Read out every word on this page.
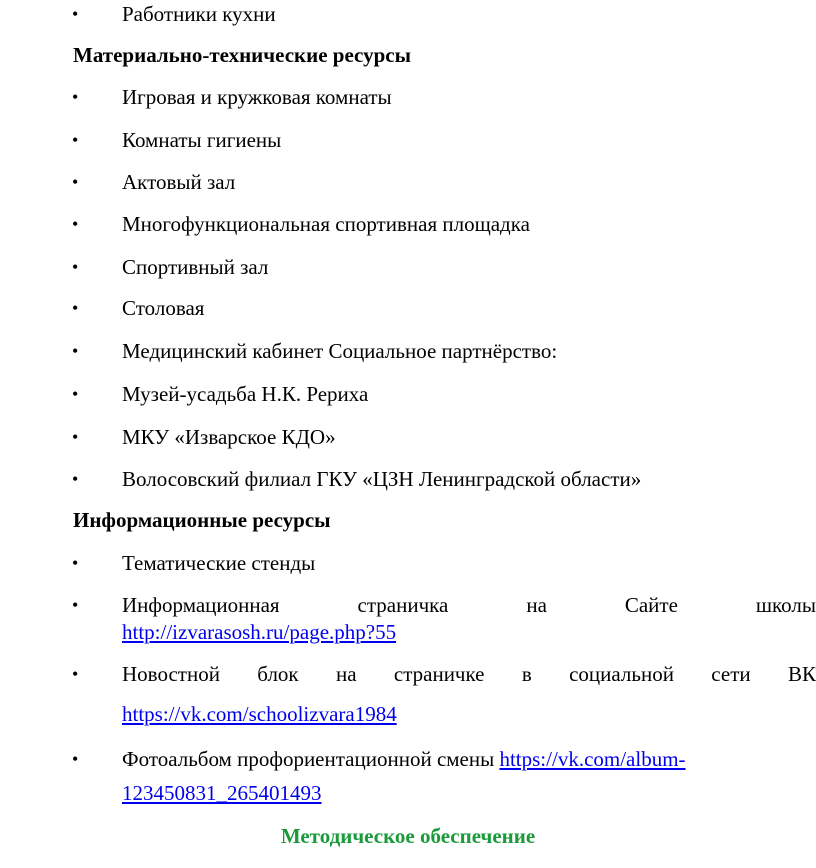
• Работники кухни
Материально-технические ресурсы
• Игровая и кружковая комнаты
• Комнаты гигиены
• Актовый зал
• Многофункциональная спортивная площадка
• Спортивный зал
• Столовая
• Медицинский кабинет Социальное партнёрство:
• Музей-усадьба Н.К. Рериха
• МКУ «Изварское КДО»
• Волосовский филиал ГКУ «ЦЗН Ленинградской области»
Информационные ресурсы
• Тематические стенды
• Информационная	страничка	на	Сайте	школы
http://izvarasosh.ru/page.php?55
• Новостной блок на страничке в социальной сети ВК
https://vk.com/schoolizvara1984
• Фотоальбом профориентационной смены https://vk.com/album-
123450831_265401493
Методическое обеспечение
